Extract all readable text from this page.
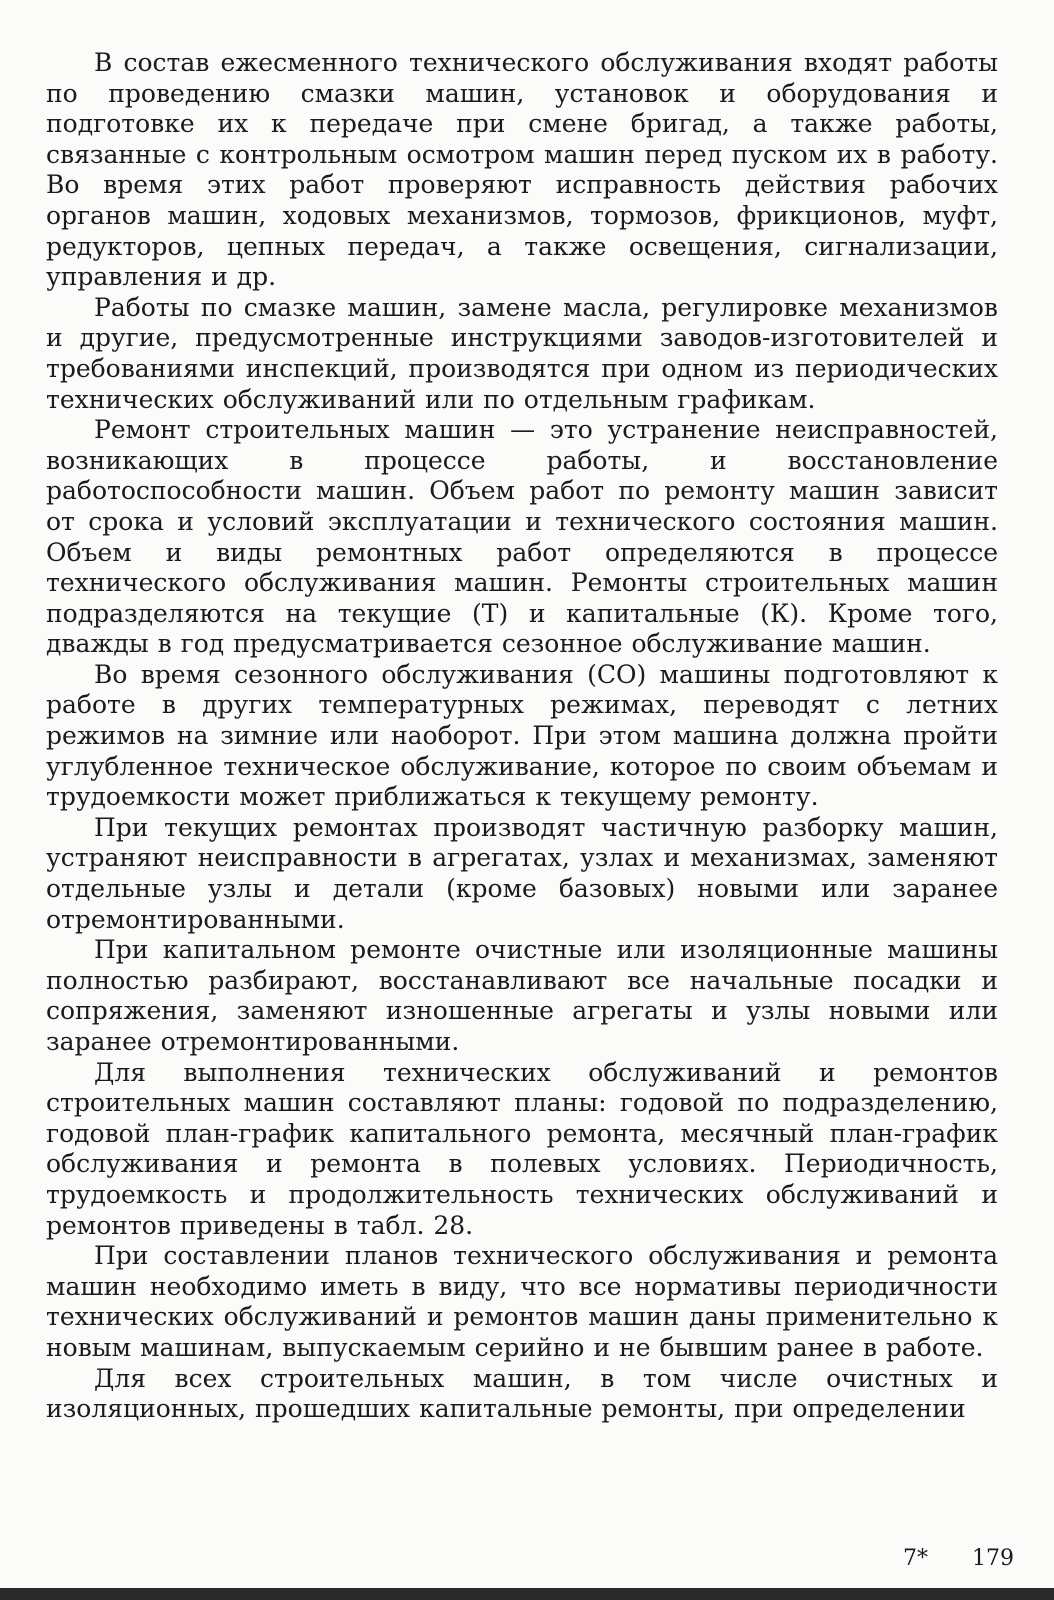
В состав ежесменного технического обслуживания входят работы по проведению смазки машин, установок и оборудования и подготовке их к передаче при смене бригад, а также работы, связанные с контрольным осмотром машин перед пуском их в работу. Во время этих работ проверяют исправность действия рабочих органов машин, ходовых механизмов, тормозов, фрикционов, муфт, редукторов, цепных передач, а также освещения, сигнализации, управления и др.

Работы по смазке машин, замене масла, регулировке механизмов и другие, предусмотренные инструкциями заводов-изготовителей и требованиями инспекций, производятся при одном из периодических технических обслуживаний или по отдельным графикам.

Ремонт строительных машин — это устранение неисправностей, возникающих в процессе работы, и восстановление работоспособности машин. Объем работ по ремонту машин зависит от срока и условий эксплуатации и технического состояния машин. Объем и виды ремонтных работ определяются в процессе технического обслуживания машин. Ремонты строительных машин подразделяются на текущие (Т) и капитальные (К). Кроме того, дважды в год предусматривается сезонное обслуживание машин.

Во время сезонного обслуживания (СО) машины подготовляют к работе в других температурных режимах, переводят с летних режимов на зимние или наоборот. При этом машина должна пройти углубленное техническое обслуживание, которое по своим объемам и трудоемкости может приближаться к текущему ремонту.

При текущих ремонтах производят частичную разборку машин, устраняют неисправности в агрегатах, узлах и механизмах, заменяют отдельные узлы и детали (кроме базовых) новыми или заранее отремонтированными.

При капитальном ремонте очистные или изоляционные машины полностью разбирают, восстанавливают все начальные посадки и сопряжения, заменяют изношенные агрегаты и узлы новыми или заранее отремонтированными.

Для выполнения технических обслуживаний и ремонтов строительных машин составляют планы: годовой по подразделению, годовой план-график капитального ремонта, месячный план-график обслуживания и ремонта в полевых условиях. Периодичность, трудоемкость и продолжительность технических обслуживаний и ремонтов приведены в табл. 28.

При составлении планов технического обслуживания и ремонта машин необходимо иметь в виду, что все нормативы периодичности технических обслуживаний и ремонтов машин даны применительно к новым машинам, выпускаемым серийно и не бывшим ранее в работе.

Для всех строительных машин, в том числе очистных и изоляционных, прошедших капитальные ремонты, при определении

7* 179
